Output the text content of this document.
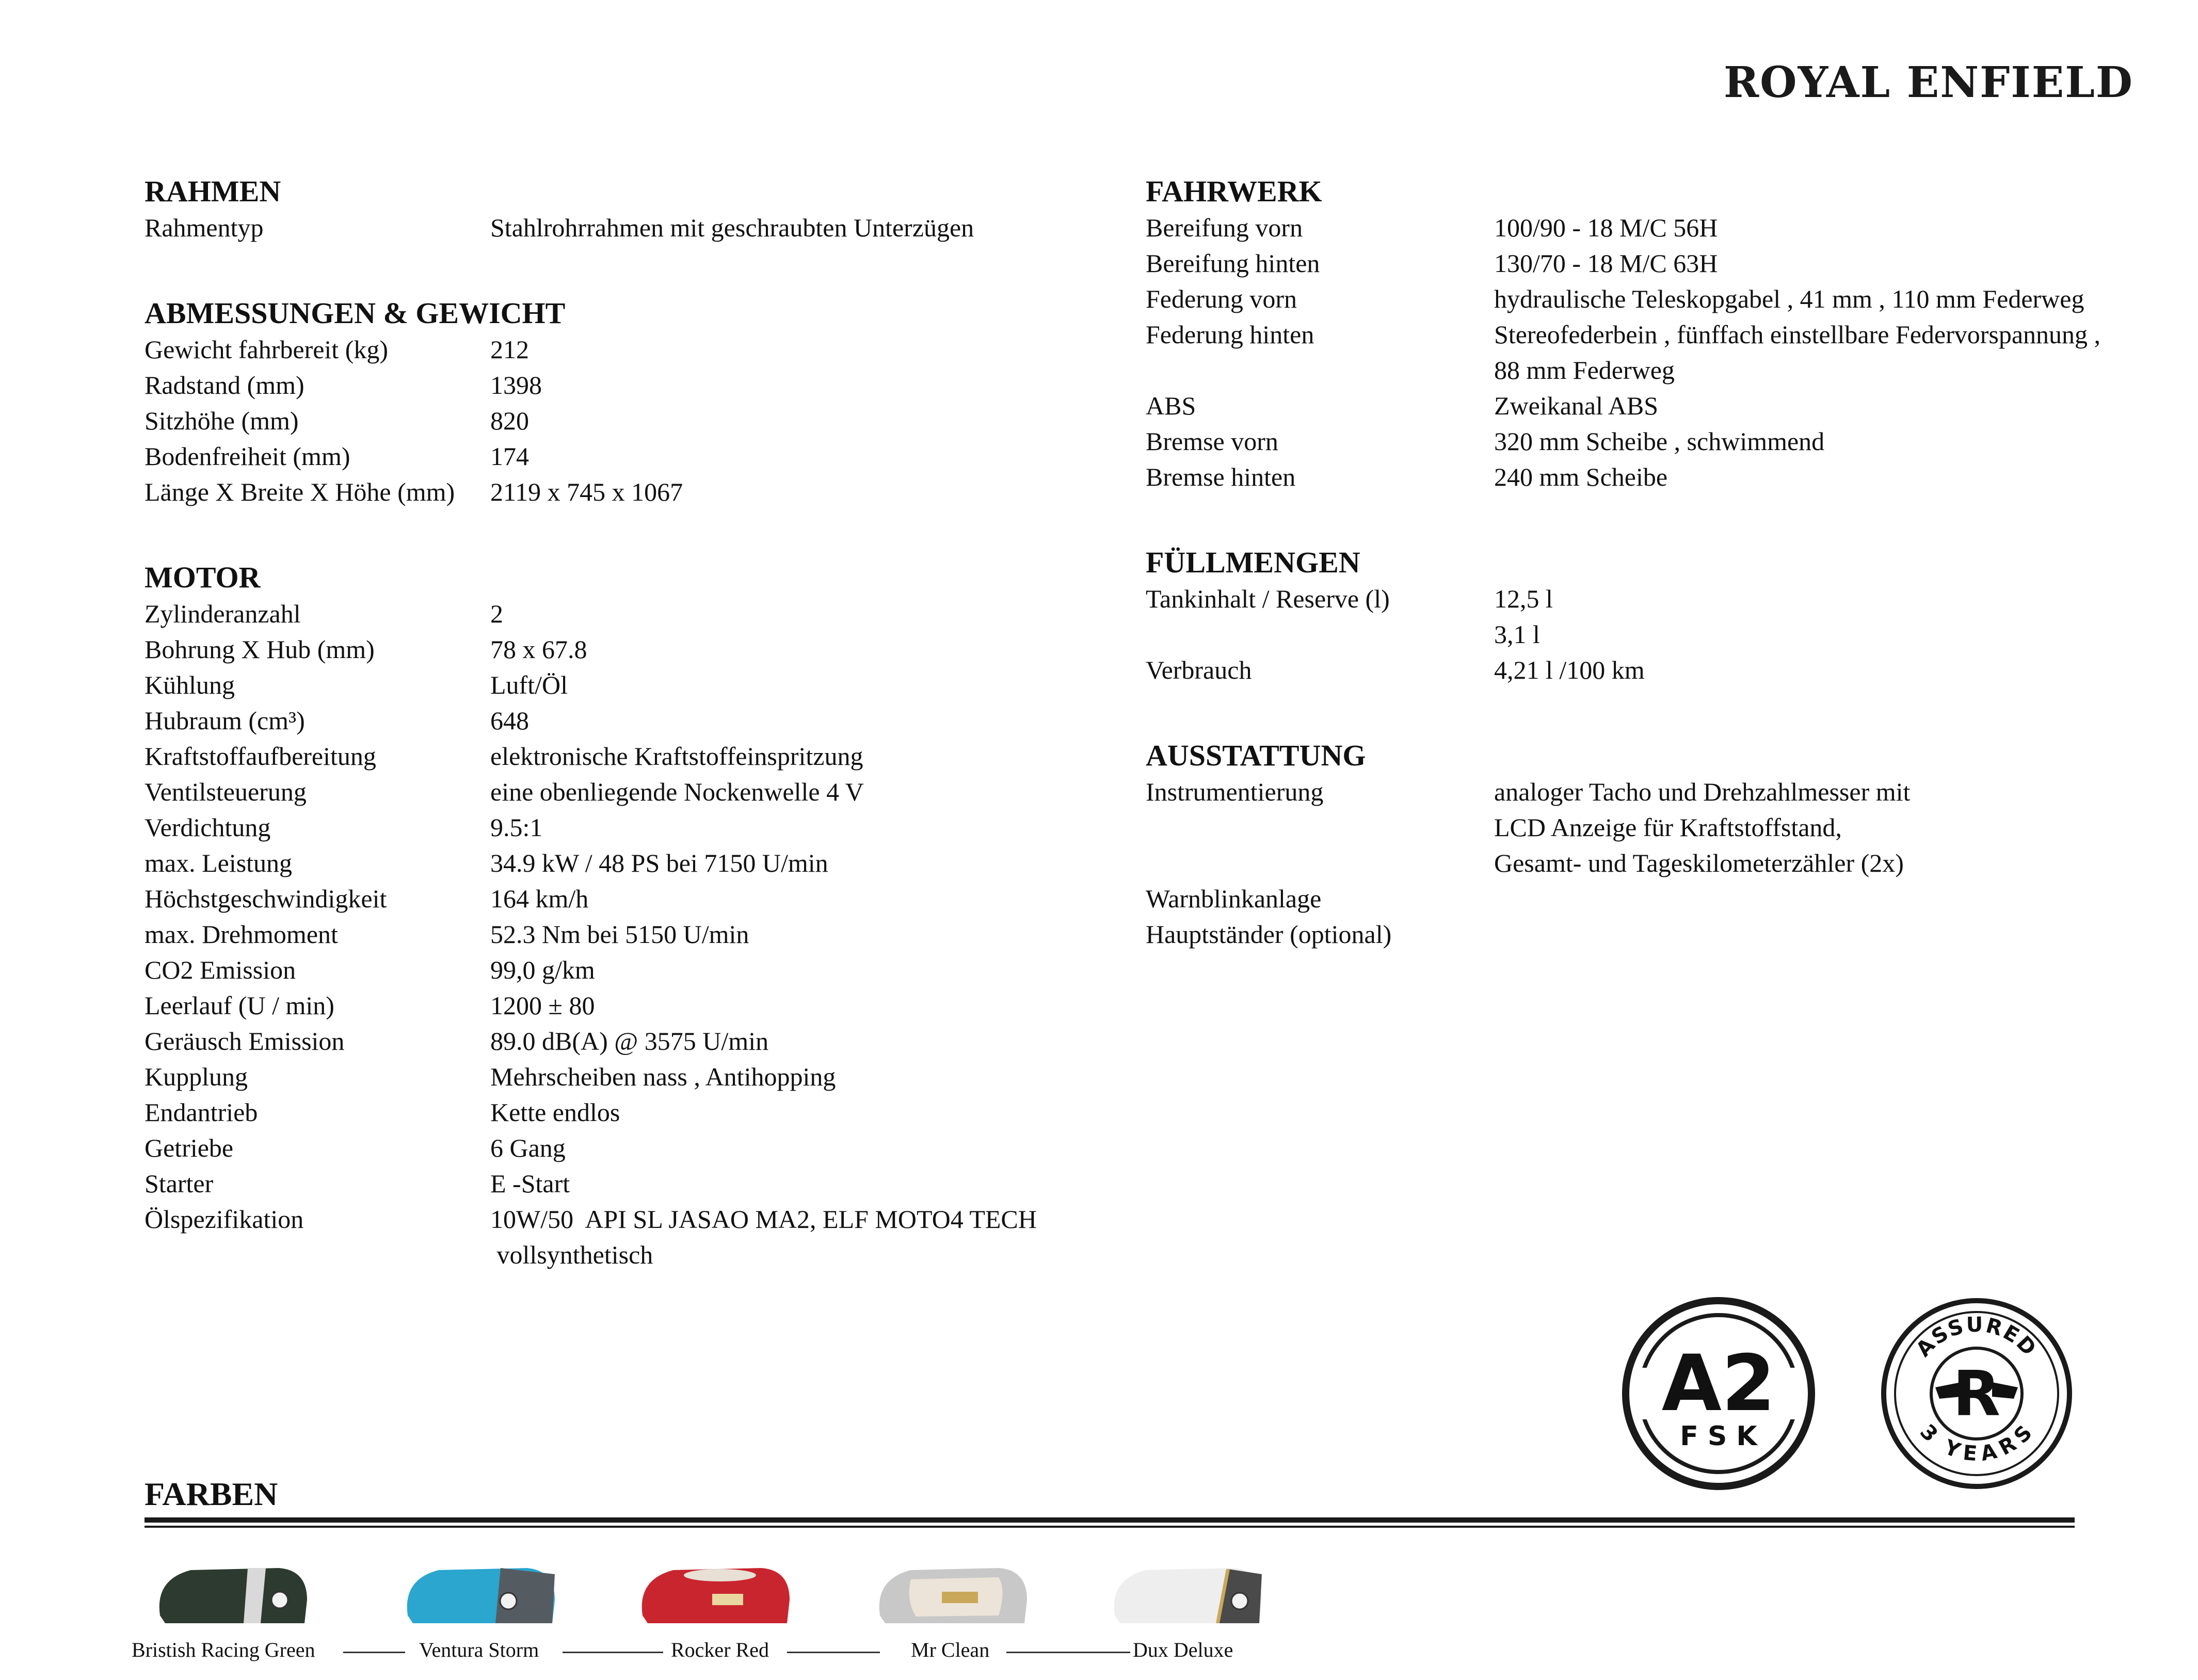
ROYAL ENFIELD
RAHMEN
Rahmentyp	Stahlrohrrahmen mit geschraubten Unterzügen
ABMESSUNGEN & GEWICHT
Gewicht fahrbereit (kg)	212
Radstand (mm)	1398
Sitzhöhe (mm)	820
Bodenfreiheit (mm)	174
Länge X Breite X Höhe (mm)	2119 x 745 x 1067
MOTOR
Zylinderanzahl	2
Bohrung X Hub (mm)	78 x 67.8
Kühlung	Luft/Öl
Hubraum (cm³)	648
Kraftstoffaufbereitung	elektronische Kraftstoffeinspritzung
Ventilsteuerung	eine obenliegende Nockenwelle 4 V
Verdichtung	9.5:1
max. Leistung	34.9 kW / 48 PS bei 7150 U/min
Höchstgeschwindigkeit	164 km/h
max. Drehmoment	52.3 Nm bei 5150 U/min
CO2 Emission	99,0 g/km
Leerlauf (U / min)	1200 ± 80
Geräusch Emission	89.0 dB(A) @ 3575 U/min
Kupplung	Mehrscheiben nass , Antihopping
Endantrieb	Kette endlos
Getriebe	6 Gang
Starter	E -Start
Ölspezifikation	10W/50  API SL JASAO MA2, ELF MOTO4 TECH
vollsynthetisch
FAHRWERK
Bereifung vorn	100/90 - 18 M/C 56H
Bereifung hinten	130/70 - 18 M/C 63H
Federung vorn	hydraulische Teleskopgabel , 41 mm , 110 mm Federweg
Federung hinten	Stereofederbein , fünffach einstellbare Federvorspannung ,
88 mm Federweg
ABS	Zweikanal ABS
Bremse vorn	320 mm Scheibe , schwimmend
Bremse hinten	240 mm Scheibe
FÜLLMENGEN
Tankinhalt / Reserve (l)	12,5 l
3,1 l
Verbrauch	4,21 l /100 km
AUSSTATTUNG
Instrumentierung	analoger Tacho und Drehzahlmesser mit
LCD Anzeige für Kraftstoffstand,
Gesamt- und Tageskilometerzähler (2x)
Warnblinkanlage
Hauptständer (optional)
A2
F S K
ASSURED
3 YEARS
R
FARBEN
Bristish Racing Green	Ventura Storm	Rocker Red	Mr Clean	Dux Deluxe
